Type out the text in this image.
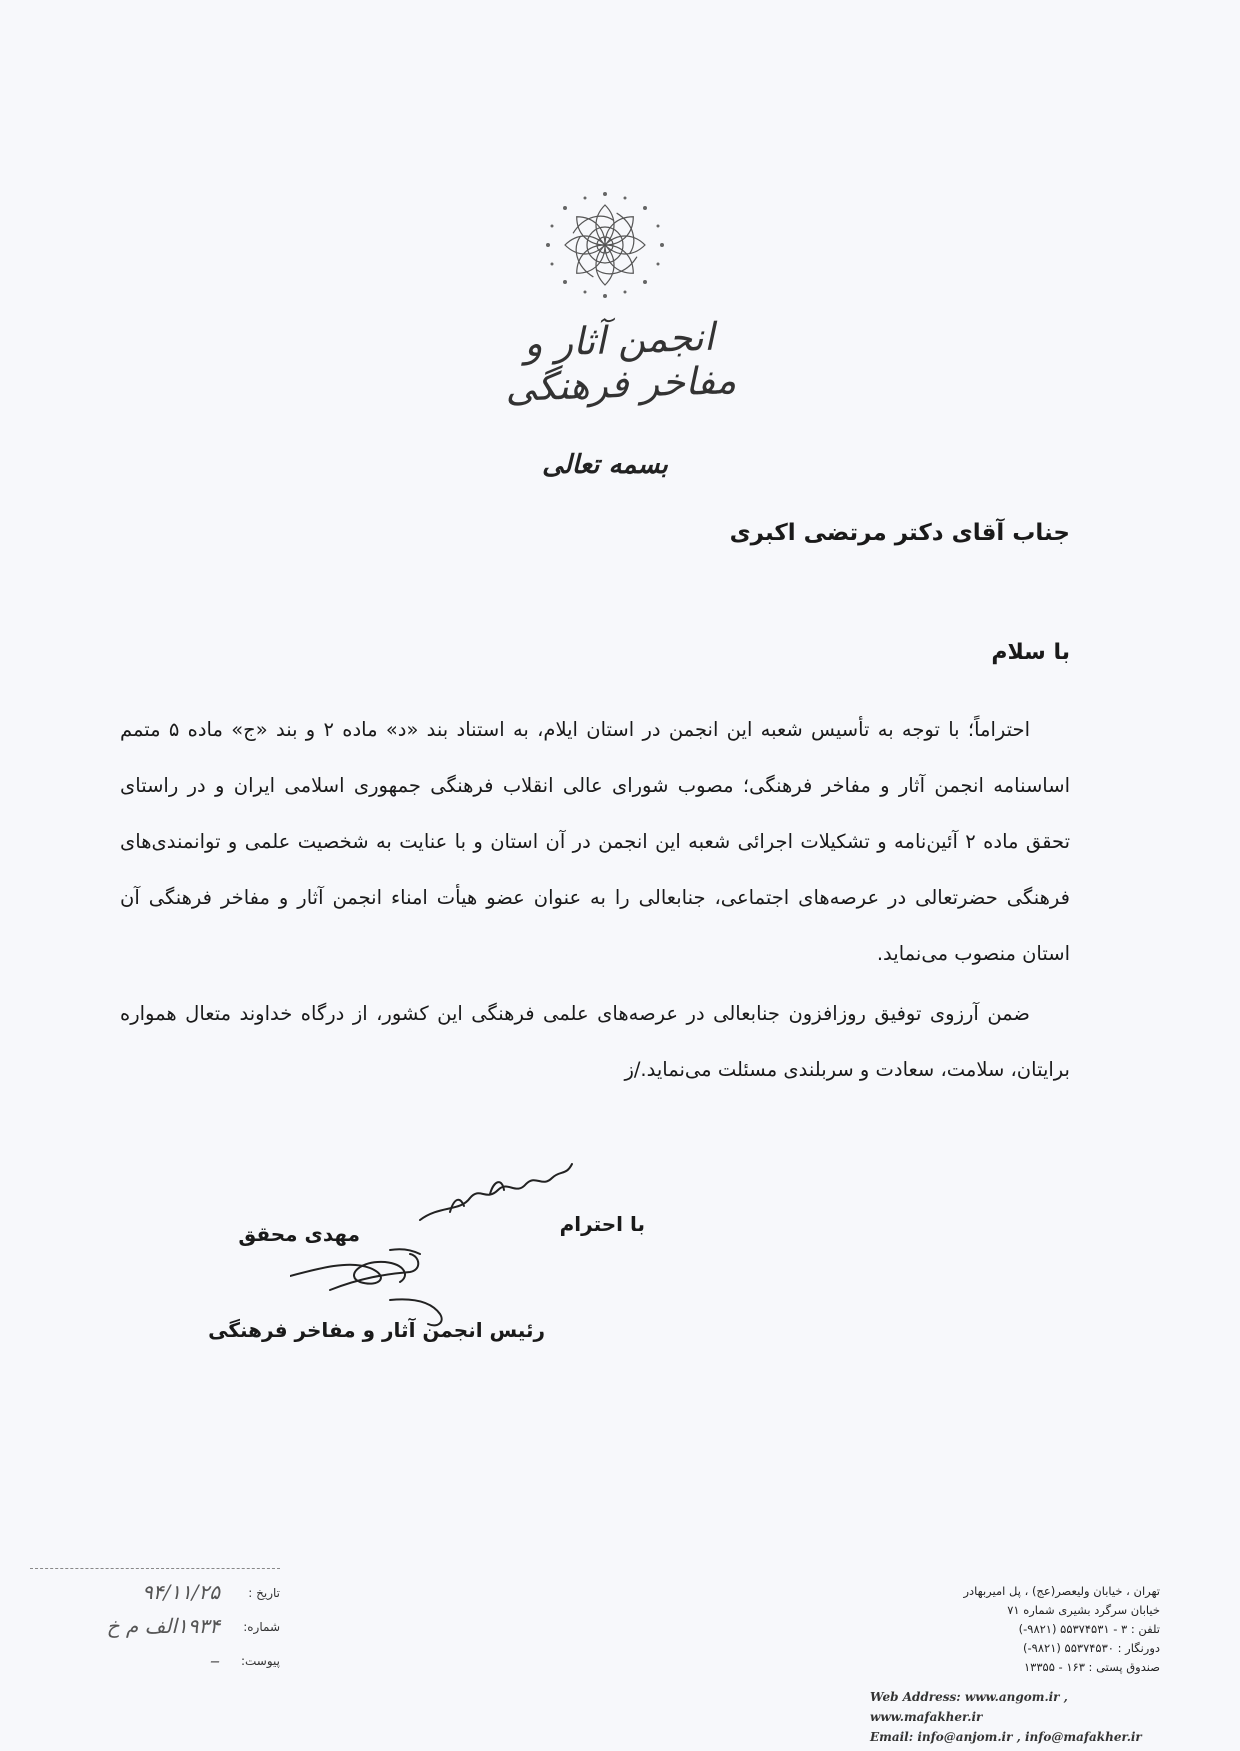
انجمن آثار و مفاخر فرهنگی
بسمه تعالی
جناب آقای دکتر مرتضی اکبری
با سلام

احتراماً؛ با توجه به تأسیس شعبه این انجمن در استان ایلام، به استناد بند «د» ماده ۲ و بند «ج» ماده ۵ متمم اساسنامه انجمن آثار و مفاخر فرهنگی؛ مصوب شورای عالی انقلاب فرهنگی جمهوری اسلامی ایران و در راستای تحقق ماده ۲ آئین‌نامه و تشکیلات اجرائی شعبه این انجمن در آن استان و با عنایت به شخصیت علمی و توانمندی‌های فرهنگی حضرتعالی در عرصه‌های اجتماعی، جنابعالی را به عنوان عضو هیأت امناء انجمن آثار و مفاخر فرهنگی آن استان منصوب می‌نماید.

ضمن آرزوی توفیق روزافزون جنابعالی در عرصه‌های علمی فرهنگی این کشور، از درگاه خداوند متعال همواره برایتان، سلامت، سعادت و سربلندی مسئلت می‌نماید./ز

با احترام
مهدی محقق
رئیس انجمن آثار و مفاخر فرهنگی
تاریخ :
۹۴/۱۱/۲۵
شماره:
۱۹۳۴الف م خ
پیوست:
–
تهران ، خیابان ولیعصر(عج) ، پل امیربهادر
خیابان سرگرد بشیری شماره ۷۱
تلفن : ۳ - ۵۵۳۷۴۵۳۱ (۹۸۲۱-)
دورنگار : ۵۵۳۷۴۵۳۰ (۹۸۲۱-)
صندوق پستی : ۱۶۳ - ۱۳۳۵۵
Web Address: www.angom.ir , www.mafakher.ir
Email: info@anjom.ir , info@mafakher.ir
